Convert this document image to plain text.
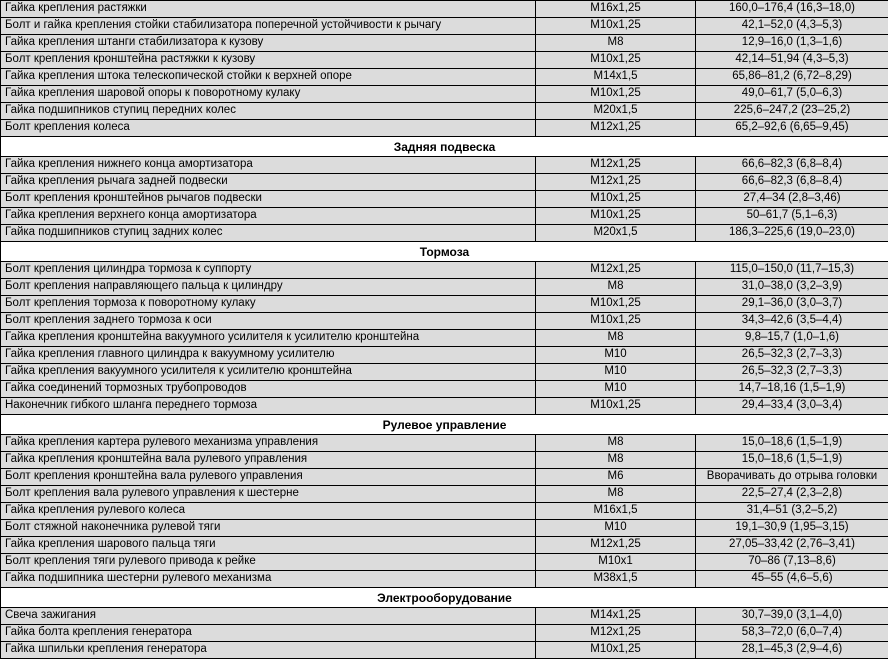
Гайка крепления растяжки	M16x1,25	160,0–176,4 (16,3–18,0)
Болт и гайка крепления стойки стабилизатора поперечной устойчивости к рычагу	M10x1,25	42,1–52,0 (4,3–5,3)
Гайка крепления штанги стабилизатора к кузову	M8	12,9–16,0 (1,3–1,6)
Болт крепления кронштейна растяжки к кузову	M10x1,25	42,14–51,94 (4,3–5,3)
Гайка крепления штока телескопической стойки к верхней опоре	M14x1,5	65,86–81,2 (6,72–8,29)
Гайка крепления шаровой опоры к поворотному кулаку	M10x1,25	49,0–61,7 (5,0–6,3)
Гайка подшипников ступиц передних колес	M20x1,5	225,6–247,2 (23–25,2)
Болт крепления колеса	M12x1,25	65,2–92,6 (6,65–9,45)
Задняя подвеска		
Гайка крепления нижнего конца амортизатора	M12x1,25	66,6–82,3 (6,8–8,4)
Гайка крепления рычага задней подвески	M12x1,25	66,6–82,3 (6,8–8,4)
Болт крепления кронштейнов рычагов подвески	M10x1,25	27,4–34 (2,8–3,46)
Гайка крепления верхнего конца амортизатора	M10x1,25	50–61,7 (5,1–6,3)
Гайка подшипников ступиц задних колес	M20x1,5	186,3–225,6 (19,0–23,0)
Тормоза		
Болт крепления цилиндра тормоза к суппорту	M12x1,25	115,0–150,0 (11,7–15,3)
Болт крепления направляющего пальца к цилиндру	M8	31,0–38,0 (3,2–3,9)
Болт крепления тормоза к поворотному кулаку	M10x1,25	29,1–36,0 (3,0–3,7)
Болт крепления заднего тормоза к оси	M10x1,25	34,3–42,6 (3,5–4,4)
Гайка крепления кронштейна вакуумного усилителя к усилителю кронштейна	M8	9,8–15,7 (1,0–1,6)
Гайка крепления главного цилиндра к вакуумному усилителю	M10	26,5–32,3 (2,7–3,3)
Гайка крепления вакуумного усилителя к усилителю кронштейна	M10	26,5–32,3 (2,7–3,3)
Гайка соединений тормозных трубопроводов	M10	14,7–18,16 (1,5–1,9)
Наконечник гибкого шланга переднего тормоза	M10x1,25	29,4–33,4 (3,0–3,4)
Рулевое управление		
Гайка крепления картера рулевого механизма управления	M8	15,0–18,6 (1,5–1,9)
Гайка крепления кронштейна вала рулевого управления	M8	15,0–18,6 (1,5–1,9)
Болт крепления кронштейна вала рулевого управления	M6	Вворачивать до отрыва головки
Болт крепления вала рулевого управления к шестерне	M8	22,5–27,4 (2,3–2,8)
Гайка крепления рулевого колеса	M16x1,5	31,4–51 (3,2–5,2)
Болт стяжной наконечника рулевой тяги	M10	19,1–30,9 (1,95–3,15)
Гайка крепления шарового пальца тяги	M12x1,25	27,05–33,42 (2,76–3,41)
Болт крепления тяги рулевого привода к рейке	M10x1	70–86 (7,13–8,6)
Гайка подшипника шестерни рулевого механизма	M38x1,5	45–55 (4,6–5,6)
Электрооборудование		
Свеча зажигания	M14x1,25	30,7–39,0 (3,1–4,0)
Гайка болта крепления генератора	M12x1,25	58,3–72,0 (6,0–7,4)
Гайка шпильки крепления генератора	M10x1,25	28,1–45,3 (2,9–4,6)
